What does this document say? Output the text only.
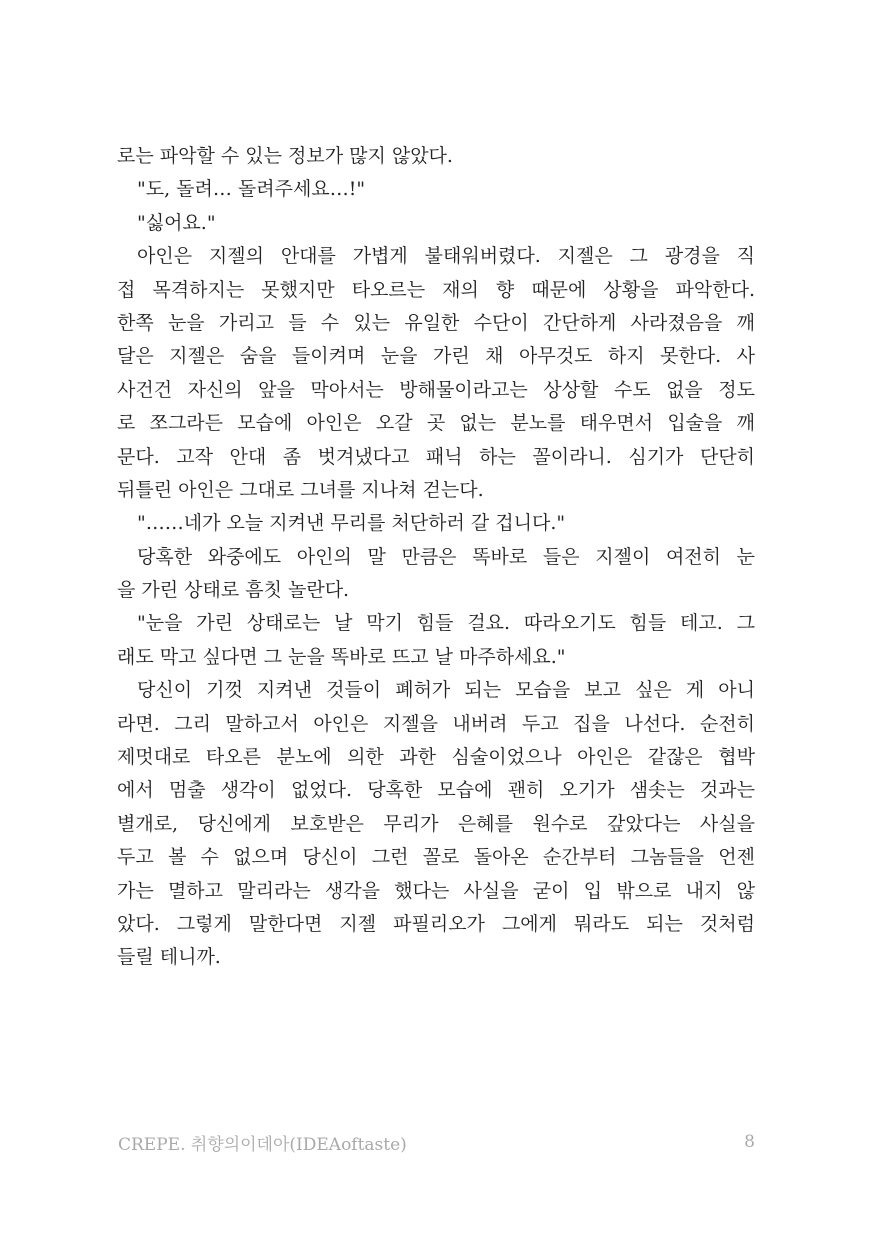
로는 파악할 수 있는 정보가 많지 않았다.
"도, 돌려… 돌려주세요…!"
"싫어요."
아인은 지젤의 안대를 가볍게 불태워버렸다. 지젤은 그 광경을 직
접 목격하지는 못했지만 타오르는 재의 향 때문에 상황을 파악한다.
한쪽 눈을 가리고 들 수 있는 유일한 수단이 간단하게 사라졌음을 깨
달은 지젤은 숨을 들이켜며 눈을 가린 채 아무것도 하지 못한다. 사
사건건 자신의 앞을 막아서는 방해물이라고는 상상할 수도 없을 정도
로 쪼그라든 모습에 아인은 오갈 곳 없는 분노를 태우면서 입술을 깨
문다. 고작 안대 좀 벗겨냈다고 패닉 하는 꼴이라니. 심기가 단단히
뒤틀린 아인은 그대로 그녀를 지나쳐 걷는다.
"……네가 오늘 지켜낸 무리를 처단하러 갈 겁니다."
당혹한 와중에도 아인의 말 만큼은 똑바로 들은 지젤이 여전히 눈
을 가린 상태로 흠칫 놀란다.
"눈을 가린 상태로는 날 막기 힘들 걸요. 따라오기도 힘들 테고. 그
래도 막고 싶다면 그 눈을 똑바로 뜨고 날 마주하세요."
당신이 기껏 지켜낸 것들이 폐허가 되는 모습을 보고 싶은 게 아니
라면. 그리 말하고서 아인은 지젤을 내버려 두고 집을 나선다. 순전히
제멋대로 타오른 분노에 의한 과한 심술이었으나 아인은 같잖은 협박
에서 멈출 생각이 없었다. 당혹한 모습에 괜히 오기가 샘솟는 것과는
별개로, 당신에게 보호받은 무리가 은혜를 원수로 갚았다는 사실을
두고 볼 수 없으며 당신이 그런 꼴로 돌아온 순간부터 그놈들을 언젠
가는 멸하고 말리라는 생각을 했다는 사실을 굳이 입 밖으로 내지 않
았다. 그렇게 말한다면 지젤 파필리오가 그에게 뭐라도 되는 것처럼
들릴 테니까.
CREPE. 취향의이데아(IDEAoftaste)	8
